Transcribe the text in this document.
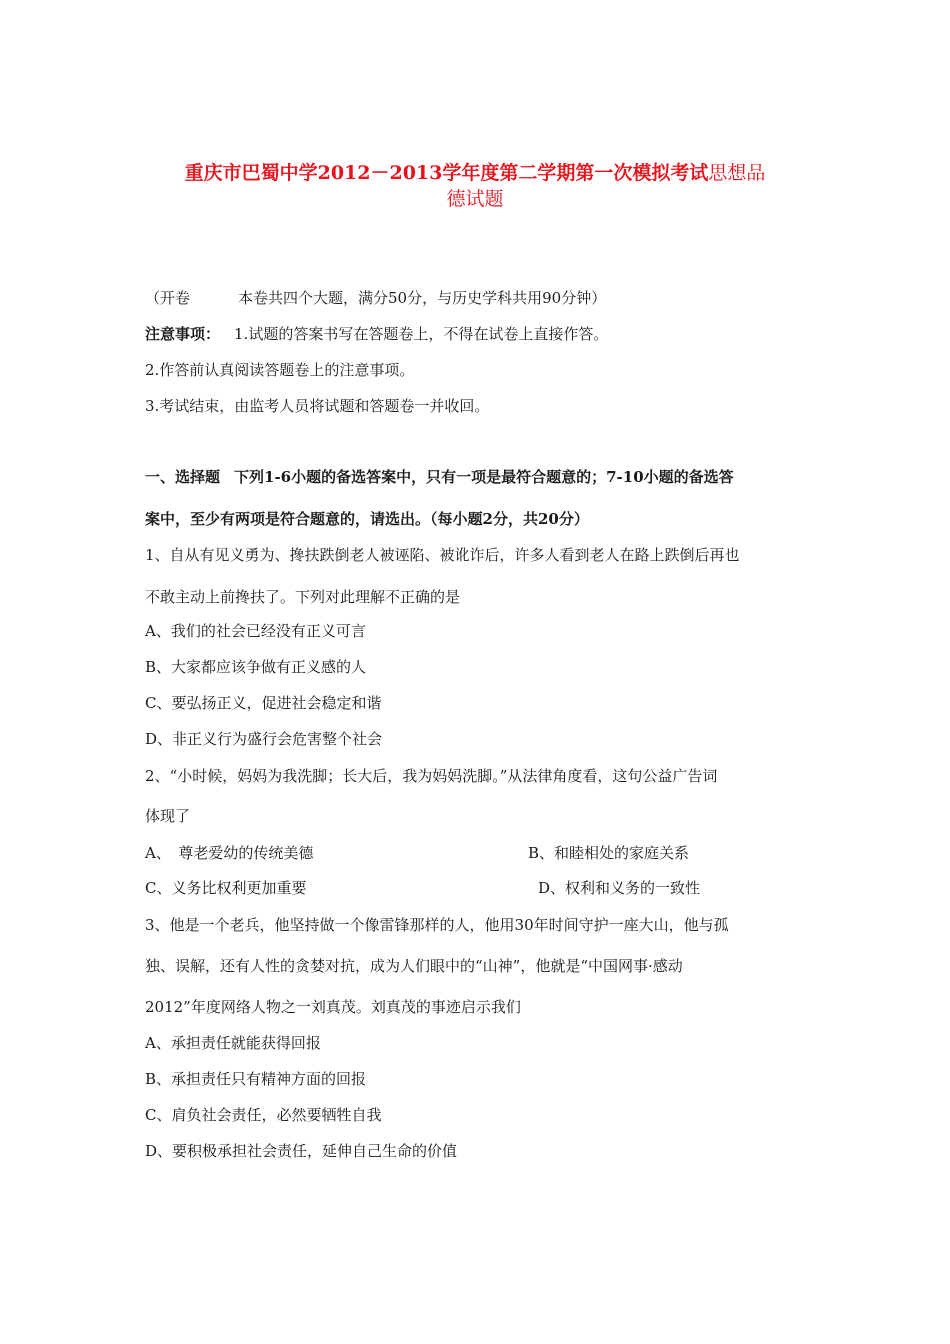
重庆市巴蜀中学2012－2013学年度第二学期第一次模拟考试思想品
德试题
（开卷	本卷共四个大题，满分50分，与历史学科共用90分钟）
注意事项： 1.试题的答案书写在答题卷上，不得在试卷上直接作答。
2.作答前认真阅读答题卷上的注意事项。
3.考试结束，由监考人员将试题和答题卷一并收回。
一、选择题 下列1-6小题的备选答案中，只有一项是最符合题意的；7-10小题的备选答
案中，至少有两项是符合题意的，请选出。（每小题2分，共20分）
1、自从有见义勇为、搀扶跌倒老人被诬陷、被讹诈后，许多人看到老人在路上跌倒后再也
不敢主动上前搀扶了。下列对此理解不正确的是
A、我们的社会已经没有正义可言
B、大家都应该争做有正义感的人
C、要弘扬正义，促进社会稳定和谐
D、非正义行为盛行会危害整个社会
2、“小时候，妈妈为我洗脚；长大后，我为妈妈洗脚。”从法律角度看，这句公益广告词
体现了
A、　尊老爱幼的传统美德	B、和睦相处的家庭关系
C、义务比权利更加重要	D、权利和义务的一致性
3、他是一个老兵，他坚持做一个像雷锋那样的人，他用30年时间守护一座大山，他与孤
独、误解，还有人性的贪婪对抗，成为人们眼中的“山神”，他就是“中国网事·感动
2012”年度网络人物之一刘真茂。刘真茂的事迹启示我们
A、承担责任就能获得回报
B、承担责任只有精神方面的回报
C、肩负社会责任，必然要牺牲自我
D、要积极承担社会责任，延伸自己生命的价值
